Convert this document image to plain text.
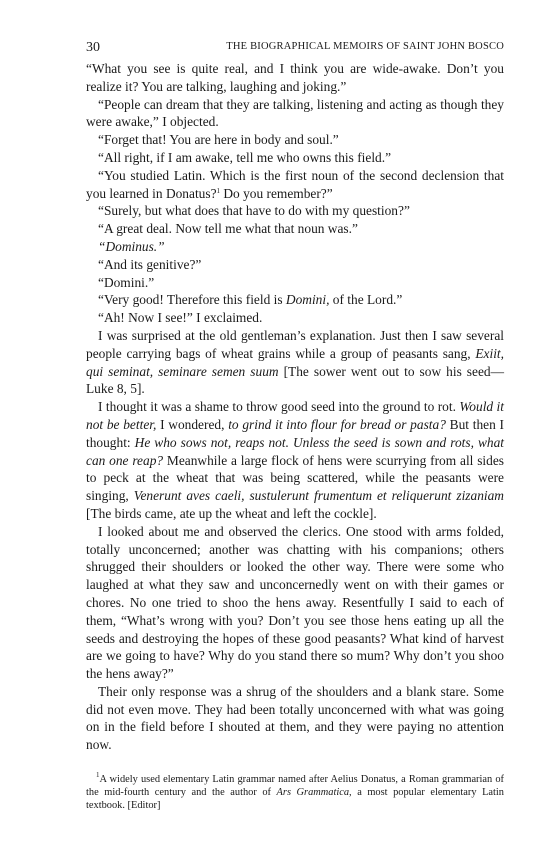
30	THE BIOGRAPHICAL MEMOIRS OF SAINT JOHN BOSCO

“What you see is quite real, and I think you are wide-awake. Don’t you realize it? You are talking, laughing and joking.”

“People can dream that they are talking, listening and acting as though they were awake,” I objected.

“Forget that! You are here in body and soul.”

“All right, if I am awake, tell me who owns this field.”

“You studied Latin. Which is the first noun of the second declension that you learned in Donatus?$^1$ Do you remember?”

“Surely, but what does that have to do with my question?”

“A great deal. Now tell me what that noun was.”

“Dominus.”

“And its genitive?”

“Domini.”

“Very good! Therefore this field is Domini, of the Lord.”

“Ah! Now I see!” I exclaimed.

I was surprised at the old gentleman’s explanation. Just then I saw several people carrying bags of wheat grains while a group of peasants sang, Exiit, qui seminat, seminare semen suum [The sower went out to sow his seed—Luke 8, 5].

I thought it was a shame to throw good seed into the ground to rot. Would it not be better, I wondered, to grind it into flour for bread or pasta? But then I thought: He who sows not, reaps not. Unless the seed is sown and rots, what can one reap? Meanwhile a large flock of hens were scurrying from all sides to peck at the wheat that was being scattered, while the peasants were singing, Venerunt aves caeli, sustulerunt frumentum et reliquerunt zizaniam [The birds came, ate up the wheat and left the cockle].

I looked about me and observed the clerics. One stood with arms folded, totally unconcerned; another was chatting with his companions; others shrugged their shoulders or looked the other way. There were some who laughed at what they saw and unconcernedly went on with their games or chores. No one tried to shoo the hens away. Resentfully I said to each of them, “What’s wrong with you? Don’t you see those hens eating up all the seeds and destroying the hopes of these good peasants? What kind of harvest are we going to have? Why do you stand there so mum? Why don’t you shoo the hens away?”

Their only response was a shrug of the shoulders and a blank stare. Some did not even move. They had been totally unconcerned with what was going on in the field before I shouted at them, and they were paying no attention now.

$^1$A widely used elementary Latin grammar named after Aelius Donatus, a Roman grammarian of the mid-fourth century and the author of Ars Grammatica, a most popular elementary Latin textbook. [Editor]
